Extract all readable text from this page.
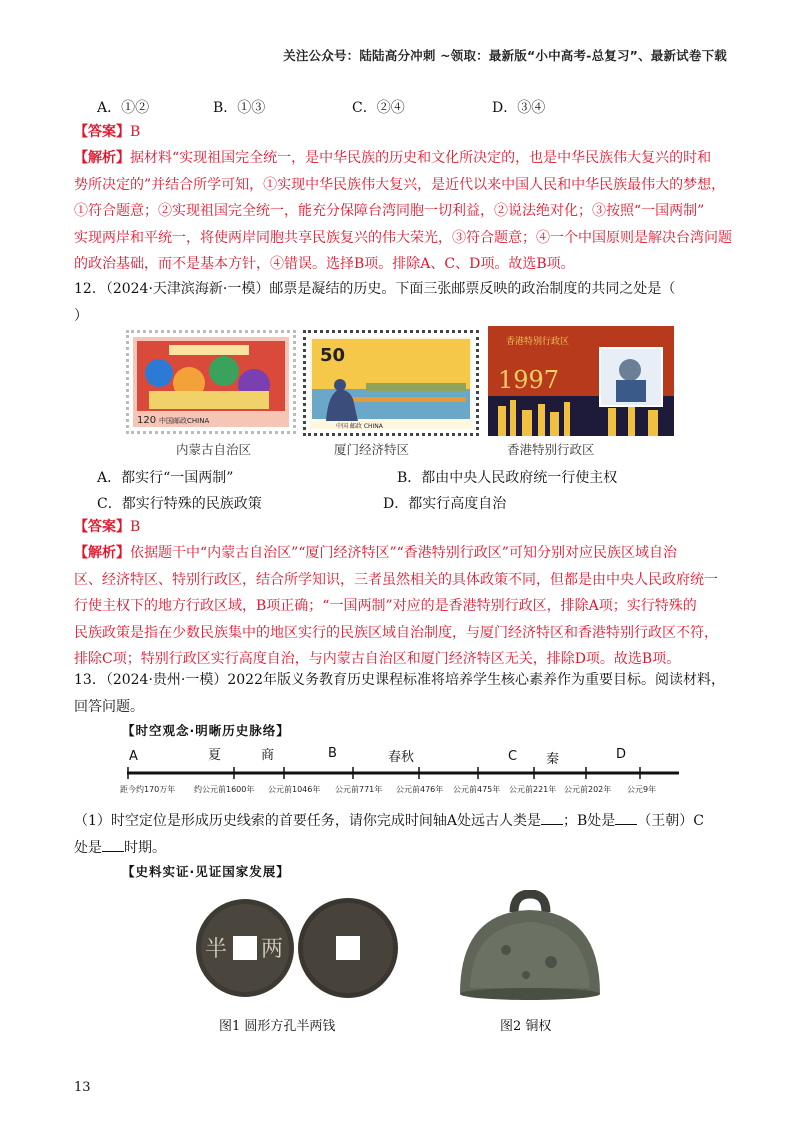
关注公众号：陆陆高分冲刺 ~领取：最新版“小中高考-总复习”、最新试卷下载
A．①②	B．①③	C．②④	D．③④
【答案】B
【解析】据材料“实现祖国完全统一，是中华民族的历史和文化所决定的，也是中华民族伟大复兴的时和
势所决定的”并结合所学可知，①实现中华民族伟大复兴，是近代以来中国人民和中华民族最伟大的梦想，
①符合题意；②实现祖国完全统一，能充分保障台湾同胞一切利益，②说法绝对化；③按照“一国两制”
实现两岸和平统一，将使两岸同胞共享民族复兴的伟大荣光，③符合题意；④一个中国原则是解决台湾问题
的政治基础，而不是基本方针，④错误。选择B项。排除A、C、D项。故选B项。
12．（2024·天津滨海新·一模）邮票是凝结的历史。下面三张邮票反映的政治制度的共同之处是（
）
120 中国邮政CHINA
内蒙古自治区
50
中国 邮政 CHINA
厦门经济特区
1997
香港特别行政区
香港特别行政区
A．都实行“一国两制”	B．都由中央人民政府统一行使主权
C．都实行特殊的民族政策	D．都实行高度自治
【答案】B
【解析】依据题干中“内蒙古自治区”“厦门经济特区”“香港特别行政区”可知分别对应民族区域自治
区、经济特区、特别行政区，结合所学知识，三者虽然相关的具体政策不同，但都是由中央人民政府统一
行使主权下的地方行政区域，B项正确；“一国两制”对应的是香港特别行政区，排除A项；实行特殊的
民族政策是指在少数民族集中的地区实行的民族区域自治制度，与厦门经济特区和香港特别行政区不符，
排除C项；特别行政区实行高度自治，与内蒙古自治区和厦门经济特区无关，排除D项。故选B项。
13．（2024·贵州·一模）2022年版义务教育历史课程标准将培养学生核心素养作为重要目标。阅读材料，
回答问题。
【时空观念·明晰历史脉络】
A	夏	商	B	春秋	C 秦	D
距今约170万年 约公元前1600年 公元前1046年 公元前771年 公元前476年 公元前475年 公元前221年 公元前202年 公元9年
（1）时空定位是形成历史线索的首要任务，请你完成时间轴A处远古人类是 ；B处是 （王朝）C
处是 时期。
【史料实证·见证国家发展】
半 两
图1 圆形方孔半两钱	图2 铜权
13
